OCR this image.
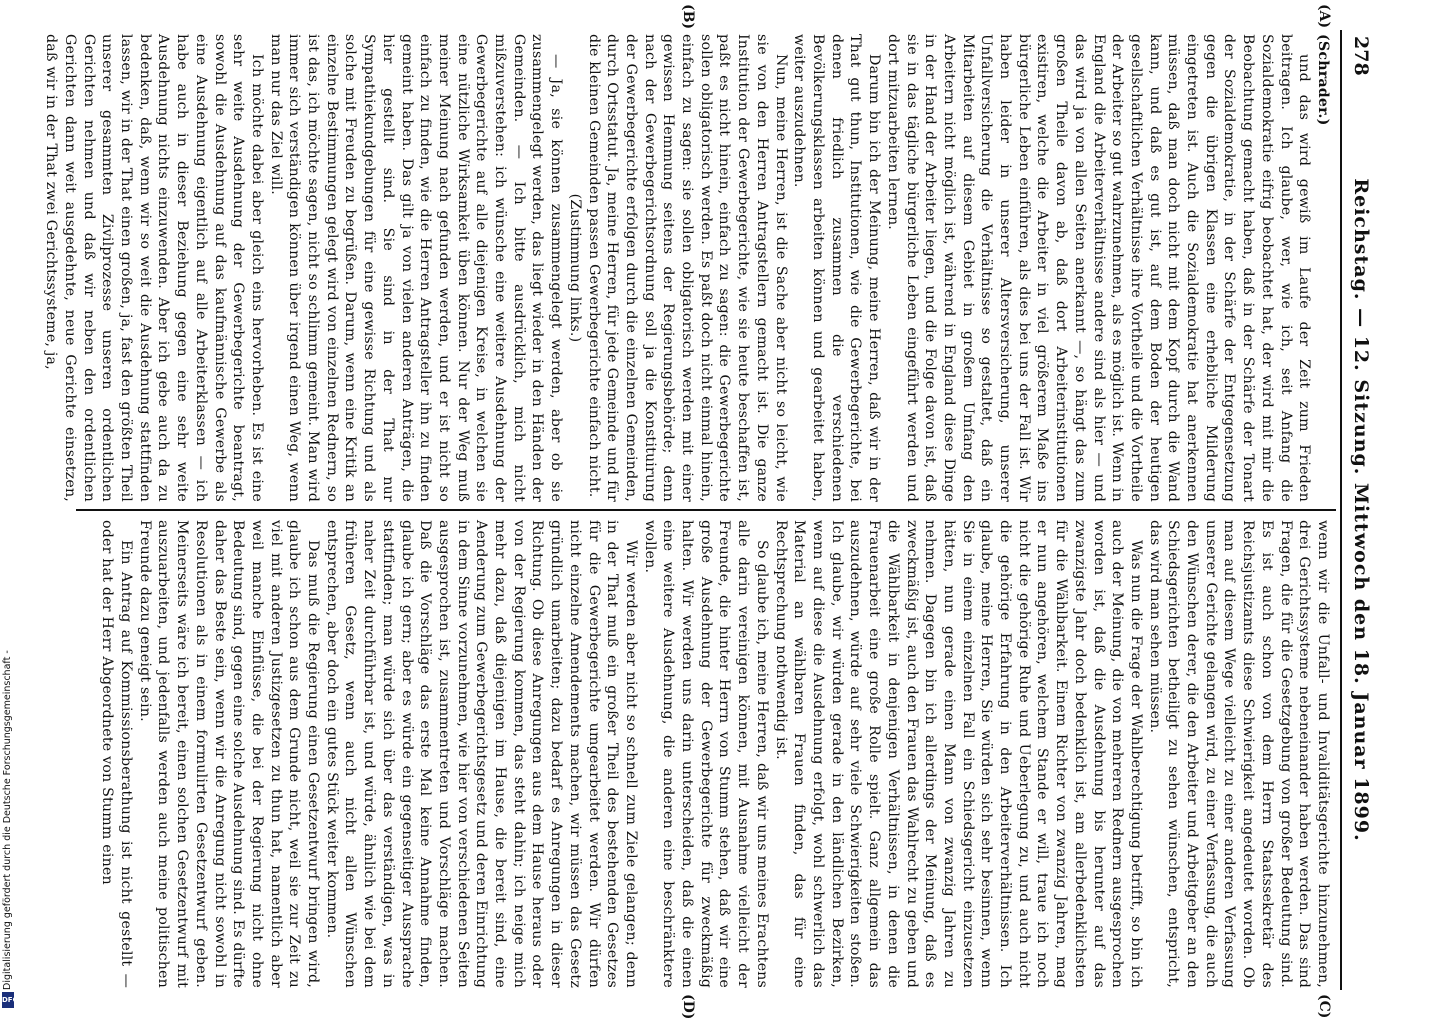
278
Reichstag. — 12. Sitzung. Mittwoch den 18. Januar 1899.

(Schrader.)

und das wird gewiß im Laufe der Zeit zum Frieden beitragen. Ich glaube, wer, wie ich, seit Anfang die Sozialdemokratie eifrig beobachtet hat, der wird mit mir die Beobachtung gemacht haben, daß in der Schärfe der Tonart der Sozialdemokratie, in der Schärfe der Entgegensetzung gegen die übrigen Klassen eine erhebliche Milderung eingetreten ist. Auch die Sozialdemokratie hat anerkennen müssen, daß man doch nicht mit dem Kopf durch die Wand kann, und daß es gut ist, auf dem Boden der heutigen gesellschaftlichen Verhältnisse ihre Vortheile und die Vortheile der Arbeiter so gut wahrzunehmen, als es möglich ist. Wenn in England die Arbeiterverhältnisse andere sind als hier — und das wird ja von allen Seiten anerkannt —, so hängt das zum großen Theile davon ab, daß dort Arbeiterinstitutionen existiren, welche die Arbeiter in viel größerem Maße ins bürgerliche Leben einführen, als dies bei uns der Fall ist. Wir haben leider in unserer Altersversicherung, unserer Unfallversicherung die Verhältnisse so gestaltet, daß ein Mitarbeiten auf diesem Gebiet in großem Umfang den Arbeitern nicht möglich ist, während in England diese Dinge in der Hand der Arbeiter liegen, und die Folge davon ist, daß sie in das tägliche bürgerliche Leben eingeführt werden und dort mitzuarbeiten lernen.

Darum bin ich der Meinung, meine Herren, daß wir in der That gut thun, Institutionen, wie die Gewerbegerichte, bei denen friedlich zusammen die verschiedenen Bevölkerungsklassen arbeiten können und gearbeitet haben, weiter auszudehnen.

Nun, meine Herren, ist die Sache aber nicht so leicht, wie sie von den Herren Antragstellern gemacht ist. Die ganze Institution der Gewerbegerichte, wie sie heute beschaffen ist, paßt es nicht hinein, einfach zu sagen: die Gewerbegerichte sollen obligatorisch werden. Es paßt doch nicht einmal hinein, einfach zu sagen: sie sollen obligatorisch werden mit einer gewissen Hemmung seitens der Regierungsbehörde; denn nach der Gewerbegerichtsordnung soll ja die Konstituirung der Gewerbegerichte erfolgen durch die einzelnen Gemeinden, durch Ortsstatut. Ja, meine Herren, für jede Gemeinde und für die kleinen Gemeinden passen Gewerbegerichte einfach nicht.

(Zustimmung links.)

— Ja, sie können zusammengelegt werden, aber ob sie zusammengelegt werden, das liegt wieder in den Händen der Gemeinden. — Ich bitte ausdrücklich, mich nicht mißzuverstehen: ich wünsche eine weitere Ausdehnung der Gewerbegerichte auf alle diejenigen Kreise, in welchen sie eine nützliche Wirksamkeit üben können. Nur der Weg muß meiner Meinung nach gefunden werden, und er ist nicht so einfach zu finden, wie die Herren Antragsteller ihn zu finden gemeint haben. Das gilt ja von vielen anderen Anträgen, die hier gestellt sind. Sie sind in der That nur Sympathiekundgebungen für eine gewisse Richtung und als solche mit Freuden zu begrüßen. Darum, wenn eine Kritik an einzelne Bestimmungen gelegt wird von einzelnen Rednern, so ist das, ich möchte sagen, nicht so schlimm gemeint. Man wird immer sich verständigen können über irgend einen Weg, wenn man nur das Ziel will.

Ich möchte dabei aber gleich eins hervorheben. Es ist eine sehr weite Ausdehnung der Gewerbegerichte beantragt, sowohl die Ausdehnung auf das kaufmännische Gewerbe als eine Ausdehnung eigentlich auf alle Arbeiterklassen — ich habe auch in dieser Beziehung gegen eine sehr weite Ausdehnung nichts einzuwenden. Aber ich gebe auch da zu bedenken, daß, wenn wir so weit die Ausdehnung stattfinden lassen, wir in der That einen großen, ja, fast den größten Theil unserer gesammten Zivilprozesse unseren ordentlichen Gerichten nehmen und daß wir neben den ordentlichen Gerichten dann weit ausgedehnte, neue Gerichte einsetzen, daß wir in der That zwei Gerichtssysteme, ja,

wenn wir die Unfall- und Invaliditätsgerichte hinzunehmen, drei Gerichtssysteme nebeneinander haben werden. Das sind Fragen, die für die Gesetzgebung von großer Bedeutung sind. Es ist auch schon von dem Herrn Staatssekretär des Reichsjustizamts diese Schwierigkeit angedeutet worden. Ob man auf diesem Wege vielleicht zu einer anderen Verfassung unserer Gerichte gelangen wird, zu einer Verfassung, die auch den Wünschen derer, die den Arbeiter und Arbeitgeber an den Schiedsgerichten betheiligt zu sehen wünschen, entspricht, das wird man sehen müssen.

Was nun die Frage der Wahlberechtigung betrifft, so bin ich auch der Meinung, die von mehreren Rednern ausgesprochen worden ist, daß die Ausdehnung bis herunter auf das zwanzigste Jahr doch bedenklich ist, am allerbedenklichsten für die Wählbarkeit. Einem Richter von zwanzig Jahren, mag er nun angehören, welchem Stande er will, traue ich noch nicht die gehörige Ruhe und Ueberlegung zu, und auch nicht die gehörige Erfahrung in den Arbeiterverhältnissen. Ich glaube, meine Herren, Sie würden sich sehr besinnen, wenn Sie in einem einzelnen Fall ein Schiedsgericht einzusetzen hätten, nun gerade einen Mann von zwanzig Jahren zu nehmen. Dagegen bin ich allerdings der Meinung, daß es zweckmäßig ist, auch den Frauen das Wahlrecht zu geben und die Wählbarkeit in denjenigen Verhältnissen, in denen die Frauenarbeit eine große Rolle spielt. Ganz allgemein das auszudehnen, würde auf sehr viele Schwierigkeiten stoßen. Ich glaube, wir würden gerade in den ländlichen Bezirken, wenn auf diese die Ausdehnung erfolgt, wohl schwerlich das Material an wählbaren Frauen finden, das für eine Rechtsprechung nothwendig ist.

So glaube ich, meine Herren, daß wir uns meines Erachtens alle darin vereinigen können, mit Ausnahme vielleicht der Freunde, die hinter Herrn von Stumm stehen, daß wir eine große Ausdehnung der Gewerbegerichte für zweckmäßig halten. Wir werden uns darin unterscheiden, daß die einen eine weitere Ausdehnung, die anderen eine beschränktere wollen.

Wir werden aber nicht so schnell zum Ziele gelangen; denn in der That muß ein großer Theil des bestehenden Gesetzes für die Gewerbegerichte umgearbeitet werden. Wir dürfen nicht einzelne Amendements machen, wir müssen das Gesetz gründlich umarbeiten; dazu bedarf es Anregungen in dieser Richtung. Ob diese Anregungen aus dem Hause heraus oder von der Regierung kommen, das steht dahin; ich neige mich mehr dazu, daß diejenigen im Hause, die bereit sind, eine Aenderung zum Gewerbegerichtsgesetz und deren Einrichtung in dem Sinne vorzunehmen, wie hier von verschiedenen Seiten ausgesprochen ist, zusammentreten und Vorschläge machen. Daß die Vorschläge das erste Mal keine Annahme finden, glaube ich gern; aber es würde ein gegenseitiger Aussprache stattfinden; man würde sich über das verständigen, was in naher Zeit durchführbar ist, und würde, ähnlich wie bei dem früheren Gesetz, wenn auch nicht allen Wünschen entsprechen, aber doch ein gutes Stück weiter kommen.

Das muß die Regierung einen Gesetzentwurf bringen wird, glaube ich schon aus dem Grunde nicht, weil sie zur Zeit zu viel mit anderen Justizgesetzen zu thun hat, namentlich aber weil manche Einflüsse, die bei der Regierung nicht ohne Bedeutung sind, gegen eine solche Ausdehnung sind. Es dürfte daher das Beste sein, wenn wir die Anregung nicht sowohl in Resolutionen als in einem formulirten Gesetzentwurf geben. Meinerseits wäre ich bereit, einen solchen Gesetzentwurf mit auszuarbeiten, und jedenfalls werden auch meine politischen Freunde dazu geneigt sein.

Ein Antrag auf Kommissionsberathung ist nicht gestellt — oder hat der Herr Abgeordnete von Stumm einen

(A)
(B)
(C)
(D)
Digitalisierung gefördert durch die Deutsche Forschungsgemeinschaft -
DFG
